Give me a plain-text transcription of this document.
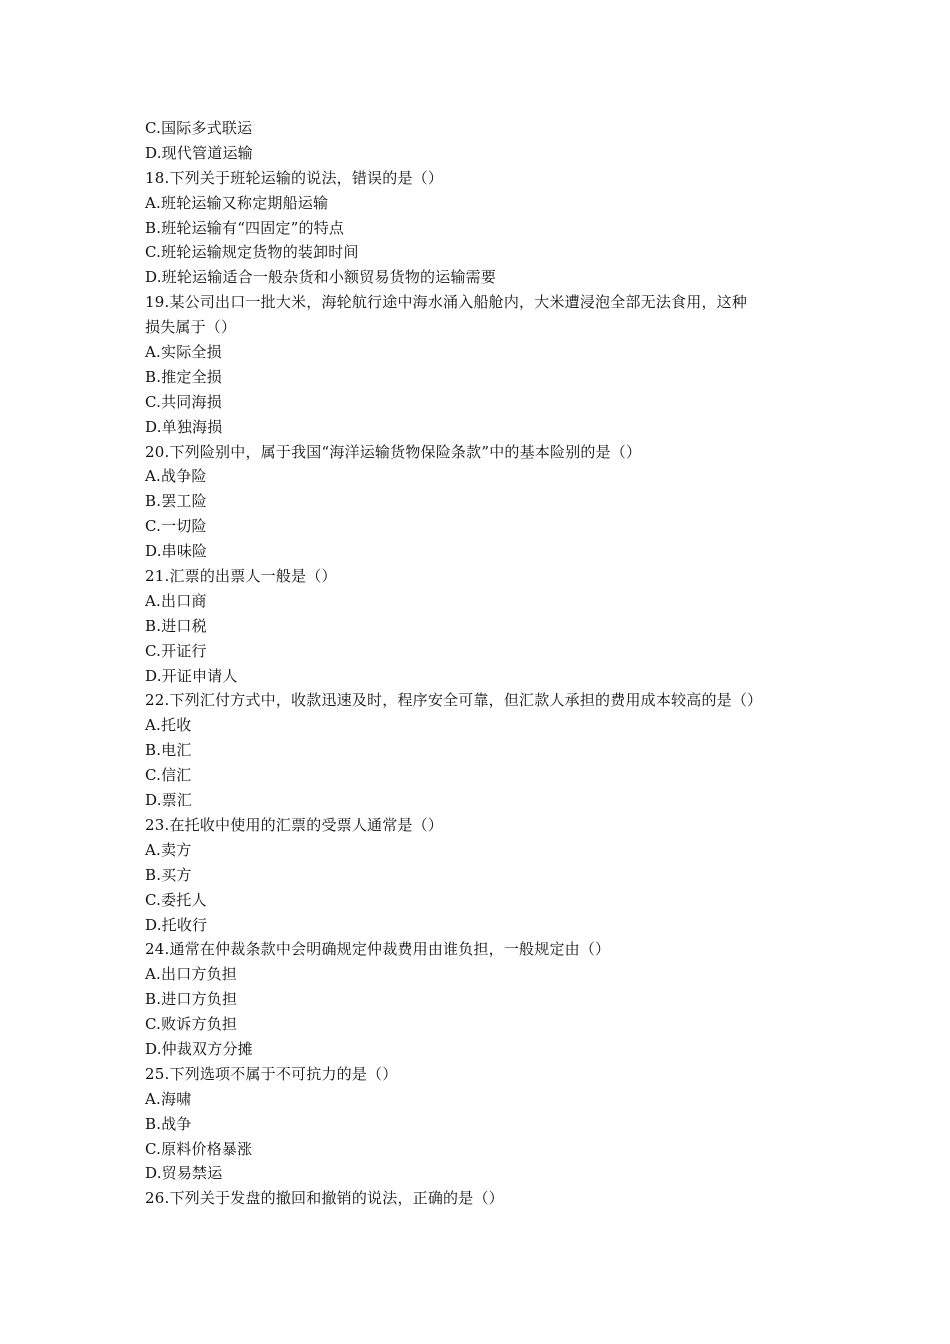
C.国际多式联运
D.现代管道运输
18.下列关于班轮运输的说法，错误的是（）
A.班轮运输又称定期船运输
B.班轮运输有“四固定”的特点
C.班轮运输规定货物的装卸时间
D.班轮运输适合一般杂货和小额贸易货物的运输需要
19.某公司出口一批大米，海轮航行途中海水涌入船舱内，大米遭浸泡全部无法食用，这种
损失属于（）
A.实际全损
B.推定全损
C.共同海损
D.单独海损
20.下列险别中，属于我国“海洋运输货物保险条款”中的基本险别的是（）
A.战争险
B.罢工险
C.一切险
D.串味险
21.汇票的出票人一般是（）
A.出口商
B.进口税
C.开证行
D.开证申请人
22.下列汇付方式中，收款迅速及时，程序安全可靠，但汇款人承担的费用成本较高的是（）
A.托收
B.电汇
C.信汇
D.票汇
23.在托收中使用的汇票的受票人通常是（）
A.卖方
B.买方
C.委托人
D.托收行
24.通常在仲裁条款中会明确规定仲裁费用由谁负担，一般规定由（）
A.出口方负担
B.进口方负担
C.败诉方负担
D.仲裁双方分摊
25.下列选项不属于不可抗力的是（）
A.海啸
B.战争
C.原料价格暴涨
D.贸易禁运
26.下列关于发盘的撤回和撤销的说法，正确的是（）
